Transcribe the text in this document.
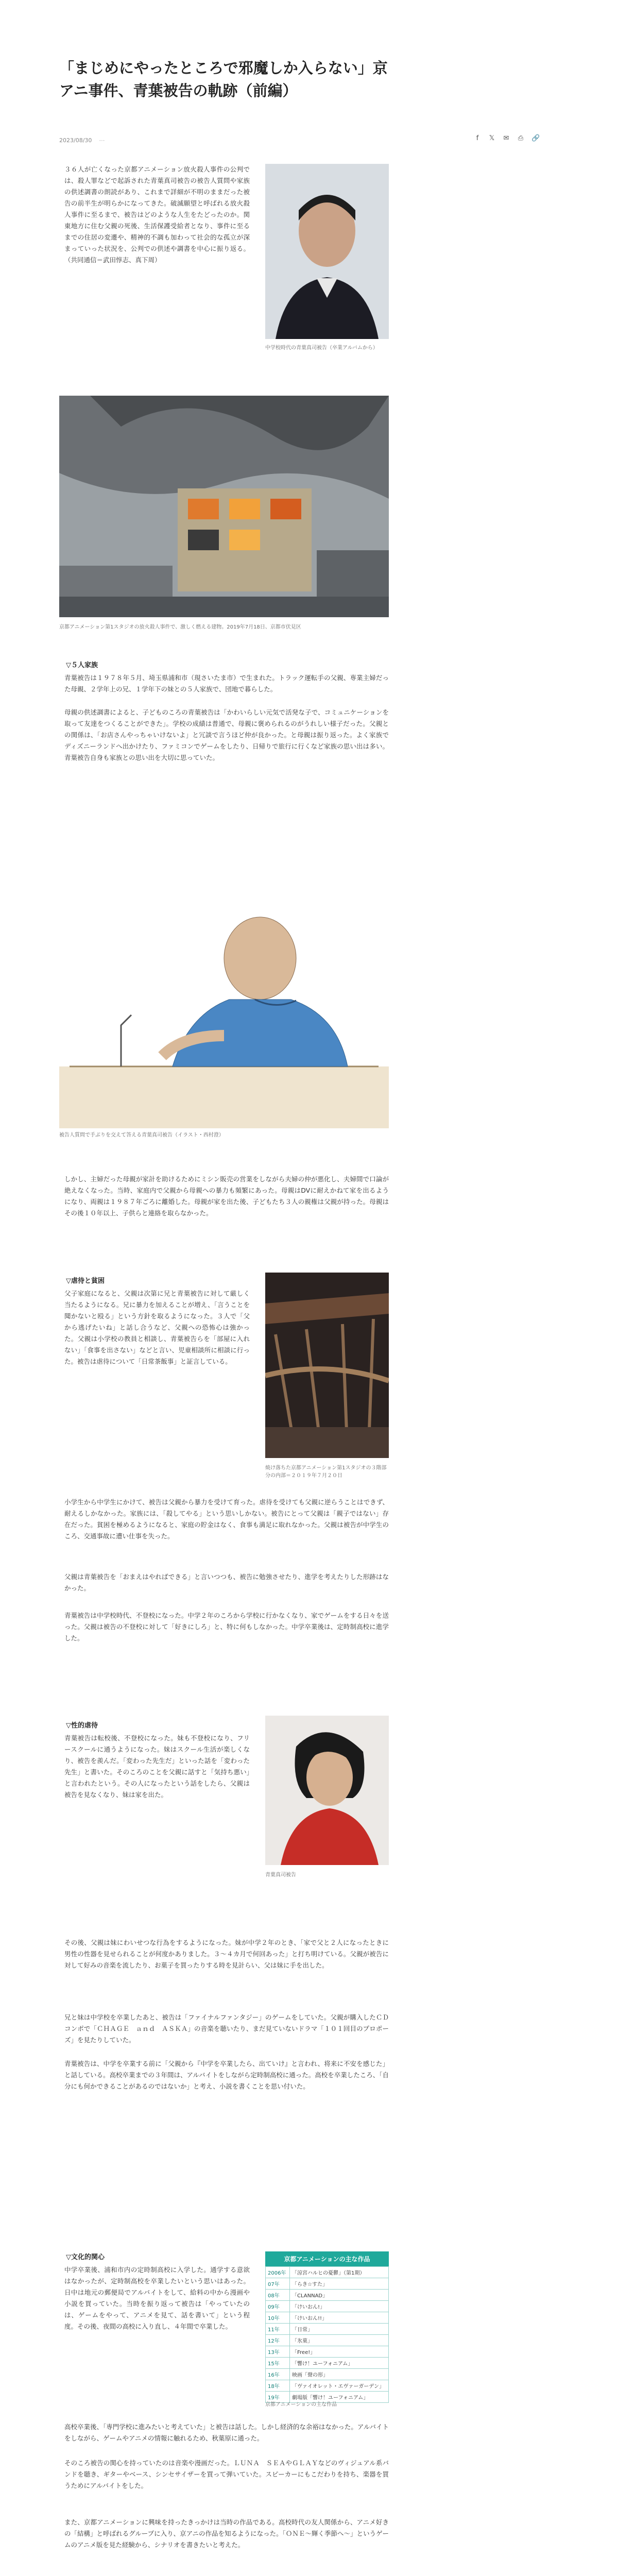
「まじめにやったところで邪魔しか入らない」京アニ事件、青葉被告の軌跡（前編）
2023/08/30 ⋯	f	𝕏 ✉ ⎙ 🔗

３６人が亡くなった京都アニメーション放火殺人事件の公判では、殺人罪などで起訴された青葉真司被告の被告人質問や家族の供述調書の朗読があり、これまで詳細が不明のままだった被告の前半生が明らかになってきた。破滅願望と呼ばれる放火殺人事件に至るまで、被告はどのような人生をたどったのか。関東地方に住む父親の死後、生活保護受給者となり、事件に至るまでの住居の変遷や、精神的不調も加わって社会的な孤立が深まっていった状況を、公判での供述や調書を中心に振り返る。（共同通信＝武田惇志、真下周）

中学校時代の青葉真司被告（卒業アルバムから）

京都アニメーション第1スタジオの放火殺人事件で、激しく燃える建物。2019年7月18日、京都市伏見区

▽５人家族

青葉被告は１９７８年５月、埼玉県浦和市（現さいたま市）で生まれた。トラック運転手の父親、専業主婦だった母親、２学年上の兄、１学年下の妹との５人家族で、団地で暮らした。

母親の供述調書によると、子どものころの青葉被告は「かわいらしい元気で活発な子で、コミュニケーションを取って友達をつくることができた」。学校の成績は普通で、母親に褒められるのがうれしい様子だった。父親との関係は、「お店さんやっちゃいけないよ」と冗談で言うほど仲が良かった。と母親は振り返った。よく家族でディズニーランドへ出かけたり、ファミコンでゲームをしたり、日帰りで旅行に行くなど家族の思い出は多い。青葉被告自身も家族との思い出を大切に思っていた。

被告人質問で手ぶりを交えて答える青葉真司被告（イラスト・西村澄）

しかし、主婦だった母親が家計を助けるためにミシン販売の営業をしながら夫婦の仲が悪化し、夫婦間で口論が絶えなくなった。当時、家庭内で父親から母親への暴力も頻繁にあった。母親はDVに耐えかねて家を出るようになり、両親は１９８７年ごろに離婚した。母親が家を出た後、子どもたち３人の親権は父親が持った。母親はその後１０年以上、子供らと連絡を取らなかった。

▽虐待と貧困

父子家庭になると、父親は次第に兄と青葉被告に対して厳しく当たるようになる。兄に暴力を加えることが増え、「言うことを聞かないと殴る」という方針を取るようになった。３人で「父から逃げたいね」と話し合うなど、父親への恐怖心は強かった。父親は小学校の教員と相談し、青葉被告らを「部屋に入れない」「食事を出さない」などと言い、児童相談所に相談に行った。被告は虐待について「日常茶飯事」と証言している。

焼け落ちた京都アニメーション第1スタジオの３階部分の内部＝２０１９年７月２０日

小学生から中学生にかけて、被告は父親から暴力を受けて育った。虐待を受けても父親に逆らうことはできず、耐えるしかなかった。家族には、「殺してやる」という思いしかない。被告にとって父親は「親子ではない」存在だった。貧困を極めるようになると、家庭の貯金はなく、食事も満足に取れなかった。父親は被告が中学生のころ、交通事故に遭い仕事を失った。

父親は青葉被告を「おまえはやればできる」と言いつつも、被告に勉強させたり、進学を考えたりした形跡はなかった。

青葉被告は中学校時代、不登校になった。中学２年のころから学校に行かなくなり、家でゲームをする日々を送った。父親は被告の不登校に対して「好きにしろ」と、特に何もしなかった。中学卒業後は、定時制高校に進学した。

▽性的虐待

青葉被告は転校後、不登校になった。妹も不登校になり、フリースクールに通うようになった。妹はスクール生活が楽しくなり、被告を羨んだ。「変わった先生だ」といった話を「変わった先生」と書いた。そのころのことを父親に話すと「気持ち悪い」と言われたという。その人になったという話をしたら、父親は被告を見なくなり、妹は家を出た。

青葉真司被告

その後、父親は妹にわいせつな行為をするようになった。妹が中学２年のとき、「家で父と２人になったときに男性の性器を見せられることが何度かありました。３〜４カ月で何回あった」と打ち明けている。父親が被告に対して好みの音楽を流したり、お菓子を買ったりする時を見計らい、父は妹に手を出した。

兄と妹は中学校を卒業したあと、被告は「ファイナルファンタジー」のゲームをしていた。父親が購入したＣＤコンポで「ＣＨＡＧＥ　ａｎｄ　ＡＳＫＡ」の音楽を聴いたり、まだ見ていないドラマ「１０１回目のプロポーズ」を見たりしていた。

青葉被告は、中学を卒業する前に「父親から『中学を卒業したら、出ていけ』と言われ、将来に不安を感じた」と話している。高校卒業までの３年間は、アルバイトをしながら定時制高校に通った。高校を卒業したころ、「自分にも何かできることがあるのではないか」と考え、小説を書くことを思い付いた。

▽文化的関心

中学卒業後、浦和市内の定時制高校に入学した。通学する意欲はなかったが、定時制高校を卒業したいという思いはあった。日中は地元の郵便局でアルバイトをして、給料の中から漫画や小説を買っていた。当時を振り返って被告は「やっていたのは、ゲームをやって、アニメを見て、話を書いて」という程度。その後、夜間の高校に入り直し、４年間で卒業した。

京都アニメーションの主な作品
2006年	「涼宮ハルヒの憂鬱」（第1期）
07年	「らき☆すた」
08年	「CLANNAD」
09年	「けいおん!」
10年	「けいおん!!」
11年	「日常」
12年	「氷菓」
13年	「Free!」
15年	「響け！ユーフォニアム」
16年	映画「聲の形」
18年	「ヴァイオレット・エヴァーガーデン」
19年	劇場版「響け！ユーフォニアム」

京都アニメーションの主な作品

高校卒業後、「専門学校に進みたいと考えていた」と被告は話した。しかし経済的な余裕はなかった。アルバイトをしながら、ゲームやアニメの情報に触れるため、秋葉原に通った。

そのころ被告の関心を持っていたのは音楽や漫画だった。ＬＵＮＡ　ＳＥＡやＧＬＡＹなどのヴィジュアル系バンドを聴き、ギターやベース、シンセサイザーを買って弾いていた。スピーカーにもこだわりを持ち、楽器を買うためにアルバイトをした。

また、京都アニメーションに興味を持ったきっかけは当時の作品である。高校時代の友人関係から、アニメ好きの「結構」と呼ばれるグループに入り、京アニの作品を知るようになった。「ＯＮＥ〜輝く季節へ〜」というゲームのアニメ版を見た経験から、シナリオを書きたいと考えた。
